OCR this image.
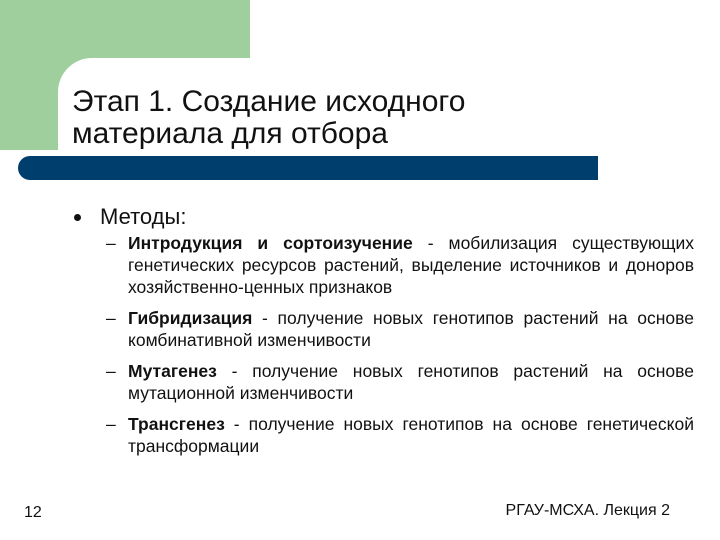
Этап 1. Создание исходного
материала для отбора
Методы:
– Интродукция и сортоизучение - мобилизация существующих генетических ресурсов растений, выделение источников и доноров хозяйственно-ценных признаков
– Гибридизация - получение новых генотипов растений на основе комбинативной изменчивости
– Мутагенез - получение новых генотипов растений на основе мутационной изменчивости
– Трансгенез - получение новых генотипов на основе генетической трансформации
12	РГАУ-МСХА. Лекция 2
